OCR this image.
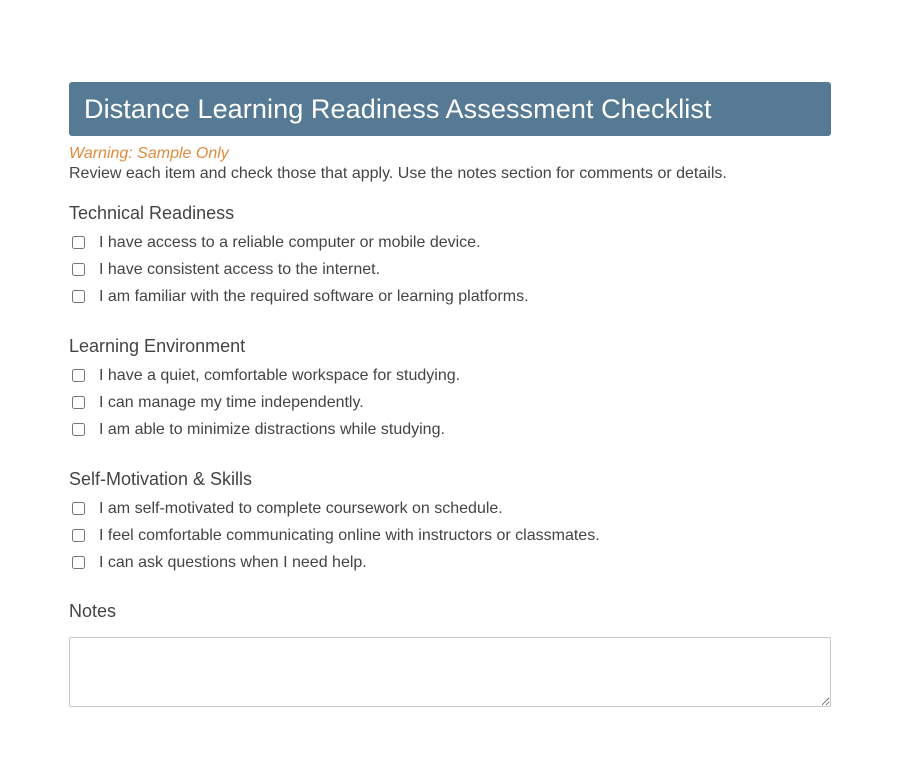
Distance Learning Readiness Assessment Checklist
Warning: Sample Only
Review each item and check those that apply. Use the notes section for comments or details.
Technical Readiness
I have access to a reliable computer or mobile device.
I have consistent access to the internet.
I am familiar with the required software or learning platforms.
Learning Environment
I have a quiet, comfortable workspace for studying.
I can manage my time independently.
I am able to minimize distractions while studying.
Self-Motivation & Skills
I am self-motivated to complete coursework on schedule.
I feel comfortable communicating online with instructors or classmates.
I can ask questions when I need help.
Notes
